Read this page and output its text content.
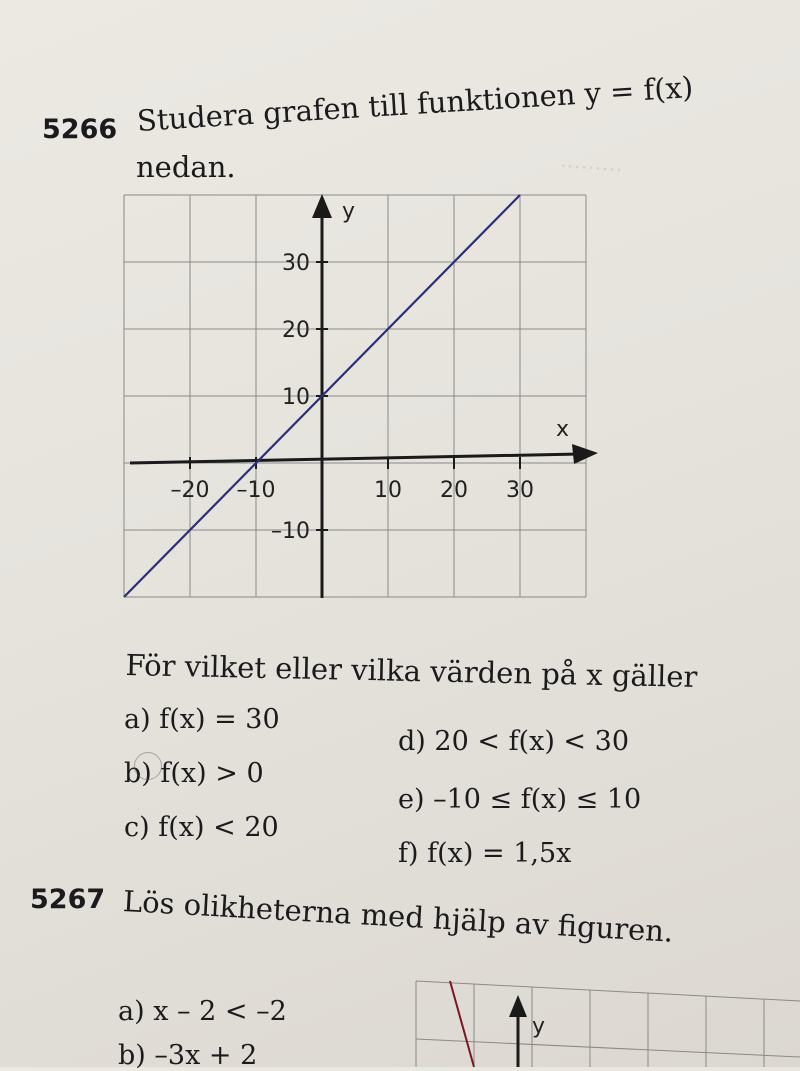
.........
5266 Studera grafen till funktionen y = f(x)
nedan.
–20 –10	10 20 30
30
20
10
–10
x
y
För vilket eller vilka värden på x gäller
a) f(x) = 30
b) f(x) > 0
c) f(x) < 20
d) 20 < f(x) < 30
e) –10 ≤ f(x) ≤ 10
f) f(x) = 1,5x
5267 Lös olikheterna med hjälp av figuren.
a) x – 2 < –2
b) –3x + 2
y
